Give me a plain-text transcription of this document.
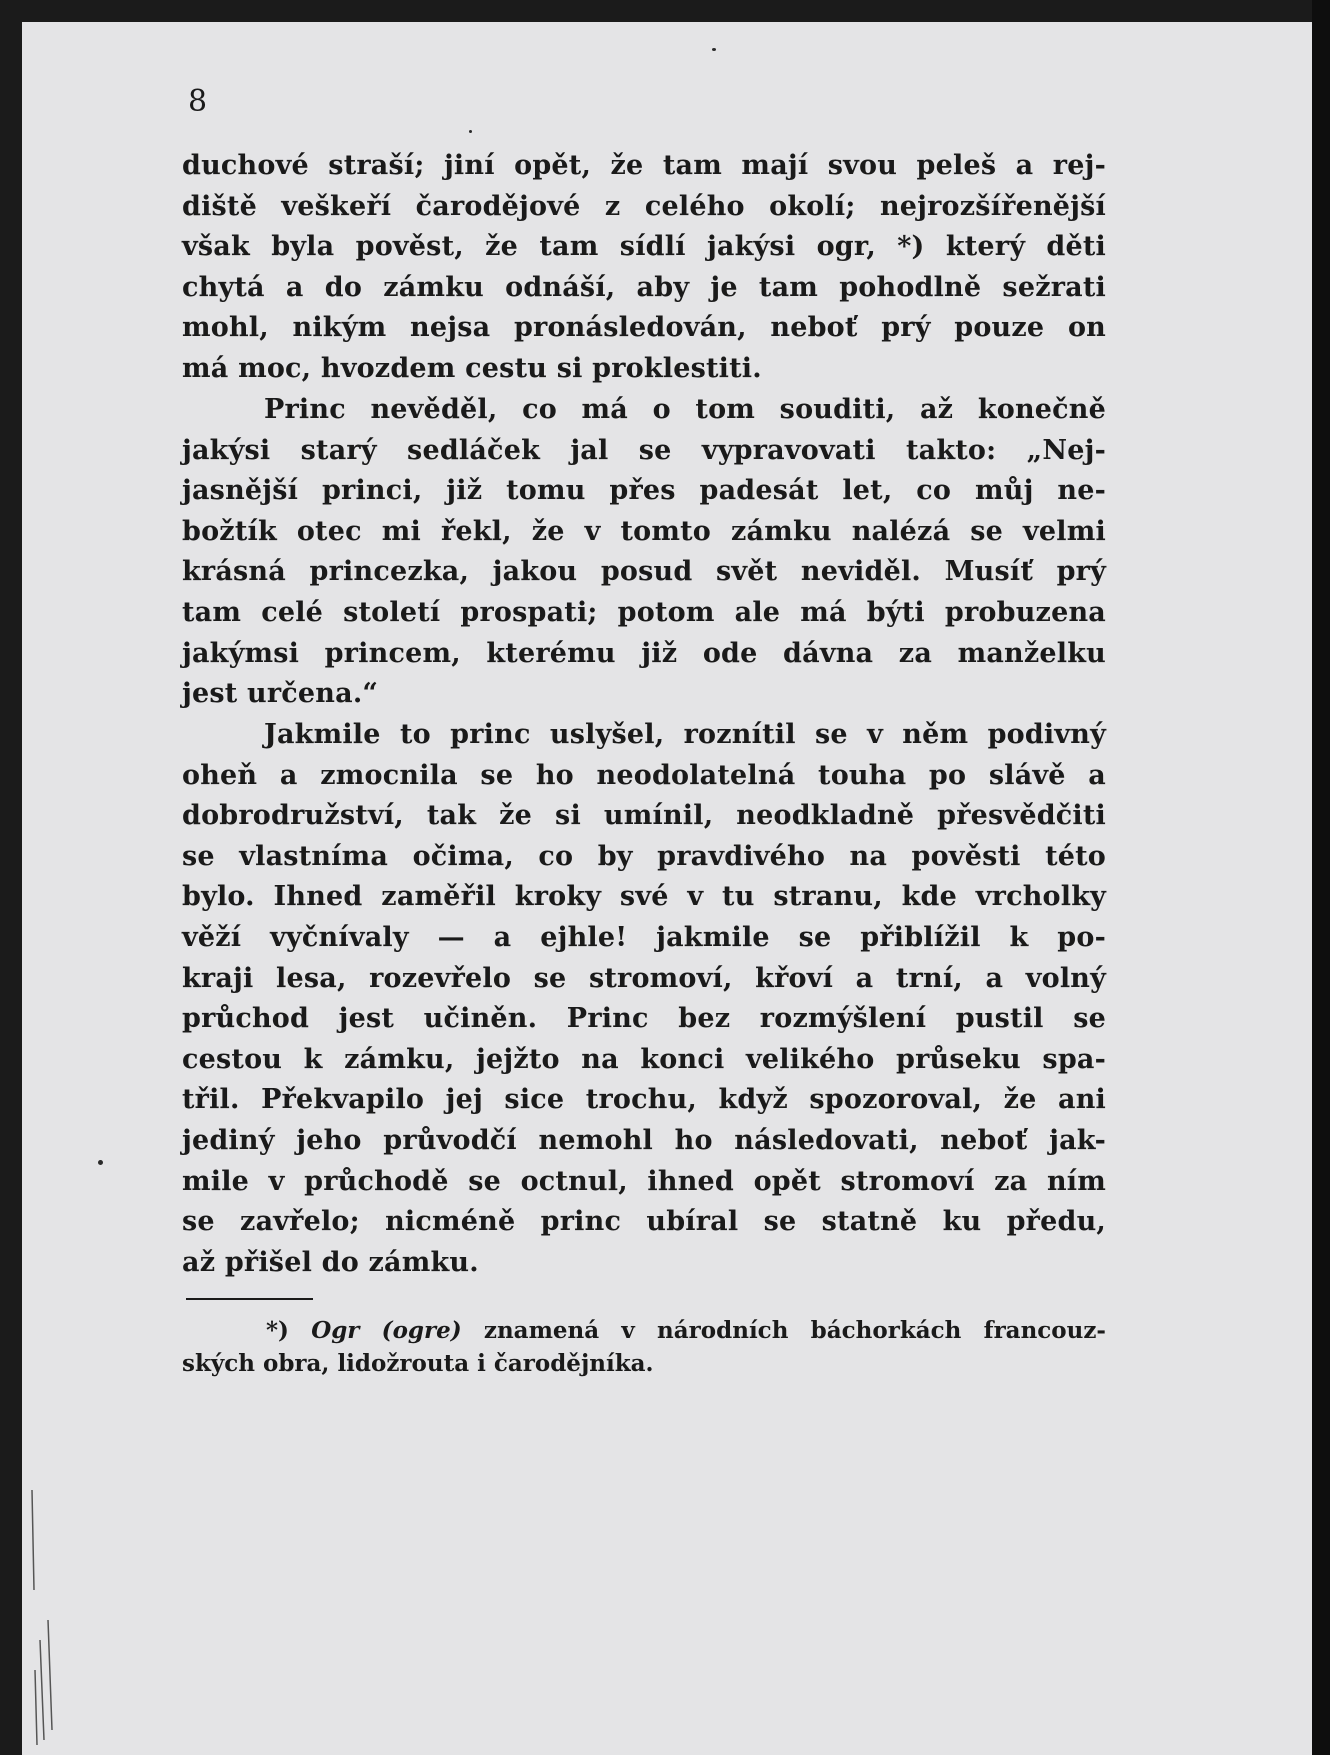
8

duchové straší; jiní opět, že tam mají svou peleš a rej-
diště veškeří čarodějové z celého okolí; nejrozšířenější
však byla pověst, že tam sídlí jakýsi ogr, *) který děti
chytá a do zámku odnáší, aby je tam pohodlně sežrati
mohl, nikým nejsa pronásledován, neboť prý pouze on
má moc, hvozdem cestu si proklestiti.

Princ nevěděl, co má o tom souditi, až konečně
jakýsi starý sedláček jal se vypravovati takto: „Nej-
jasnější princi, již tomu přes padesát let, co můj ne-
božtík otec mi řekl, že v tomto zámku nalézá se velmi
krásná princezka, jakou posud svět neviděl. Musíť prý
tam celé století prospati; potom ale má býti probuzena
jakýmsi princem, kterému již ode dávna za manželku
jest určena.“

Jakmile to princ uslyšel, roznítil se v něm podivný
oheň a zmocnila se ho neodolatelná touha po slávě a
dobrodružství, tak že si umínil, neodkladně přesvědčiti
se vlastníma očima, co by pravdivého na pověsti této
bylo. Ihned zaměřil kroky své v tu stranu, kde vrcholky
věží vyčnívaly — a ejhle! jakmile se přiblížil k po-
kraji lesa, rozevřelo se stromoví, křoví a trní, a volný
průchod jest učiněn. Princ bez rozmýšlení pustil se
cestou k zámku, jejžto na konci velikého průseku spa-
třil. Překvapilo jej sice trochu, když spozoroval, že ani
jediný jeho průvodčí nemohl ho následovati, neboť jak-
mile v průchodě se octnul, ihned opět stromoví za ním
se zavřelo; nicméně princ ubíral se statně ku předu,
až přišel do zámku.

*) Ogr (ogre) znamená v národních báchorkách francouz-
ských obra, lidožrouta i čarodějníka.
